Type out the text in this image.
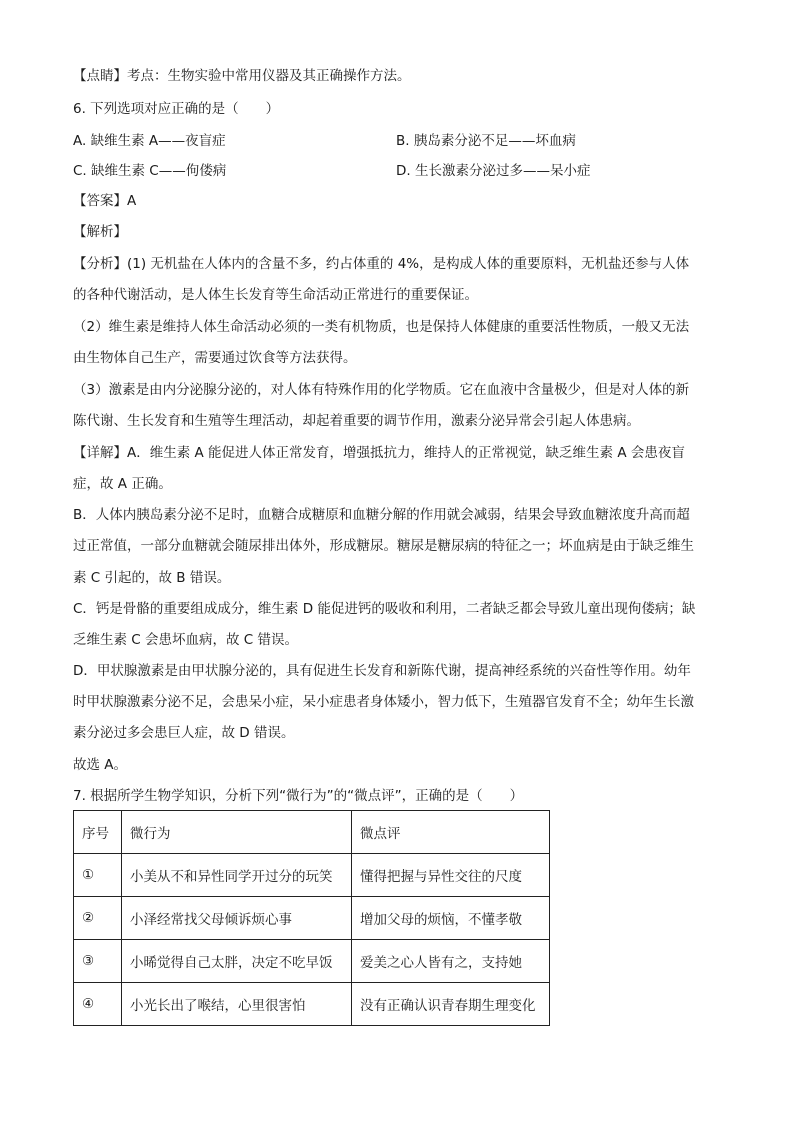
【点睛】考点：生物实验中常用仪器及其正确操作方法。
6. 下列选项对应正确的是（　　）
A. 缺维生素 A——夜盲症	B. 胰岛素分泌不足——坏血病
C. 缺维生素 C——佝偻病	D. 生长激素分泌过多——呆小症
【答案】A
【解析】
【分析】(1) 无机盐在人体内的含量不多，约占体重的 4%，是构成人体的重要原料，无机盐还参与人体
的各种代谢活动，是人体生长发育等生命活动正常进行的重要保证。
（2）维生素是维持人体生命活动必须的一类有机物质，也是保持人体健康的重要活性物质，一般又无法
由生物体自己生产，需要通过饮食等方法获得。
（3）激素是由内分泌腺分泌的，对人体有特殊作用的化学物质。它在血液中含量极少，但是对人体的新
陈代谢、生长发育和生殖等生理活动，却起着重要的调节作用，激素分泌异常会引起人体患病。
【详解】A．维生素 A 能促进人体正常发育，增强抵抗力，维持人的正常视觉，缺乏维生素 A 会患夜盲
症，故 A 正确。
B．人体内胰岛素分泌不足时，血糖合成糖原和血糖分解的作用就会减弱，结果会导致血糖浓度升高而超
过正常值，一部分血糖就会随尿排出体外，形成糖尿。糖尿是糖尿病的特征之一；坏血病是由于缺乏维生
素 C 引起的，故 B 错误。
C．钙是骨骼的重要组成成分，维生素 D 能促进钙的吸收和利用，二者缺乏都会导致儿童出现佝偻病；缺
乏维生素 C 会患坏血病，故 C 错误。
D．甲状腺激素是由甲状腺分泌的，具有促进生长发育和新陈代谢，提高神经系统的兴奋性等作用。幼年
时甲状腺激素分泌不足，会患呆小症，呆小症患者身体矮小，智力低下，生殖器官发育不全；幼年生长激
素分泌过多会患巨人症，故 D 错误。
故选 A。
7. 根据所学生物学知识，分析下列“微行为”的“微点评”，正确的是（　　）
序号	微行为	微点评
①	小美从不和异性同学开过分的玩笑	懂得把握与异性交往的尺度
②	小泽经常找父母倾诉烦心事	增加父母的烦恼，不懂孝敬
③	小晞觉得自己太胖，决定不吃早饭	爱美之心人皆有之，支持她
④	小光长出了喉结，心里很害怕	没有正确认识青春期生理变化
